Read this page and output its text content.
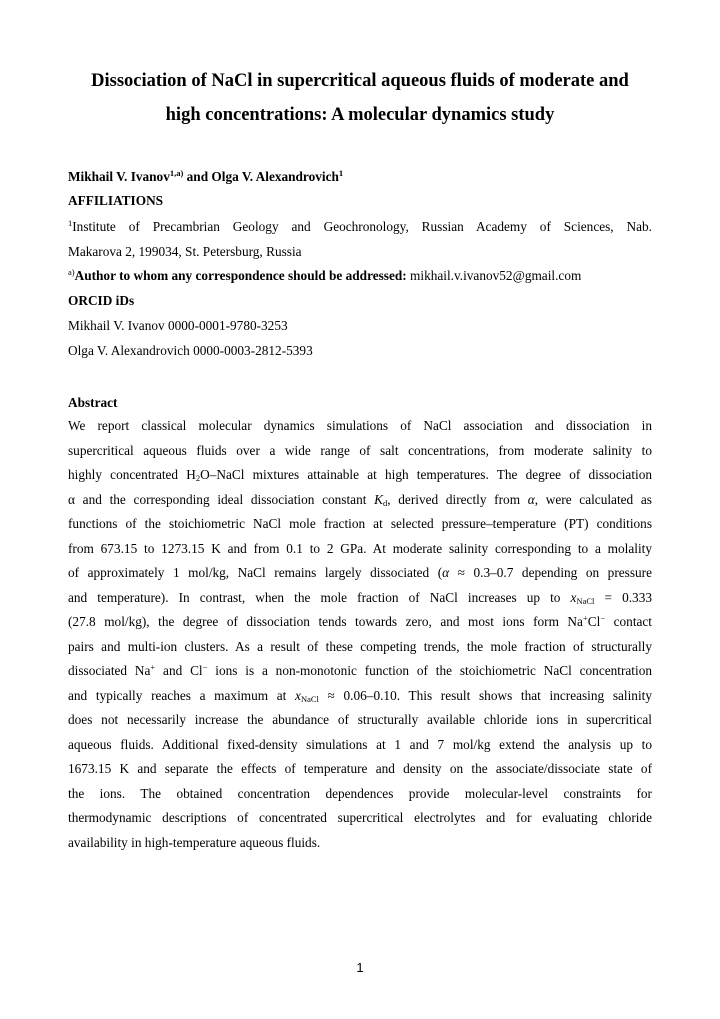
Dissociation of NaCl in supercritical aqueous fluids of moderate and
high concentrations: A molecular dynamics study
Mikhail V. Ivanov$^{1,a)}$ and Olga V. Alexandrovich$^1$
AFFILIATIONS
$^1$Institute of Precambrian Geology and Geochronology, Russian Academy of Sciences, Nab.
Makarova 2, 199034, St. Petersburg, Russia
$^{a)}$Author to whom any correspondence should be addressed: mikhail.v.ivanov52@gmail.com
ORCID iDs
Mikhail V. Ivanov 0000-0001-9780-3253
Olga V. Alexandrovich 0000-0003-2812-5393
Abstract
We report classical molecular dynamics simulations of NaCl association and dissociation in
supercritical aqueous fluids over a wide range of salt concentrations, from moderate salinity to
highly concentrated $H_2O$–NaCl mixtures attainable at high temperatures. The degree of dissociation
α and the corresponding ideal dissociation constant $K_d$, derived directly from α, were calculated as
functions of the stoichiometric NaCl mole fraction at selected pressure–temperature (PT) conditions
from 673.15 to 1273.15 K and from 0.1 to 2 GPa. At moderate salinity corresponding to a molality
of approximately 1 mol/kg, NaCl remains largely dissociated (α ≈ 0.3–0.7 depending on pressure
and temperature). In contrast, when the mole fraction of NaCl increases up to $x_{NaCl} = 0.333$
(27.8 mol/kg), the degree of dissociation tends towards zero, and most ions form Na+Cl− contact
pairs and multi-ion clusters. As a result of these competing trends, the mole fraction of structurally
dissociated Na+ and Cl− ions is a non-monotonic function of the stoichiometric NaCl concentration
and typically reaches a maximum at $x_{NaCl} \approx 0.06-0.10$. This result shows that increasing salinity
does not necessarily increase the abundance of structurally available chloride ions in supercritical
aqueous fluids. Additional fixed-density simulations at 1 and 7 mol/kg extend the analysis up to
1673.15 K and separate the effects of temperature and density on the associate/dissociate state of
the ions. The obtained concentration dependences provide molecular-level constraints for
thermodynamic descriptions of concentrated supercritical electrolytes and for evaluating chloride
availability in high-temperature aqueous fluids.
1
